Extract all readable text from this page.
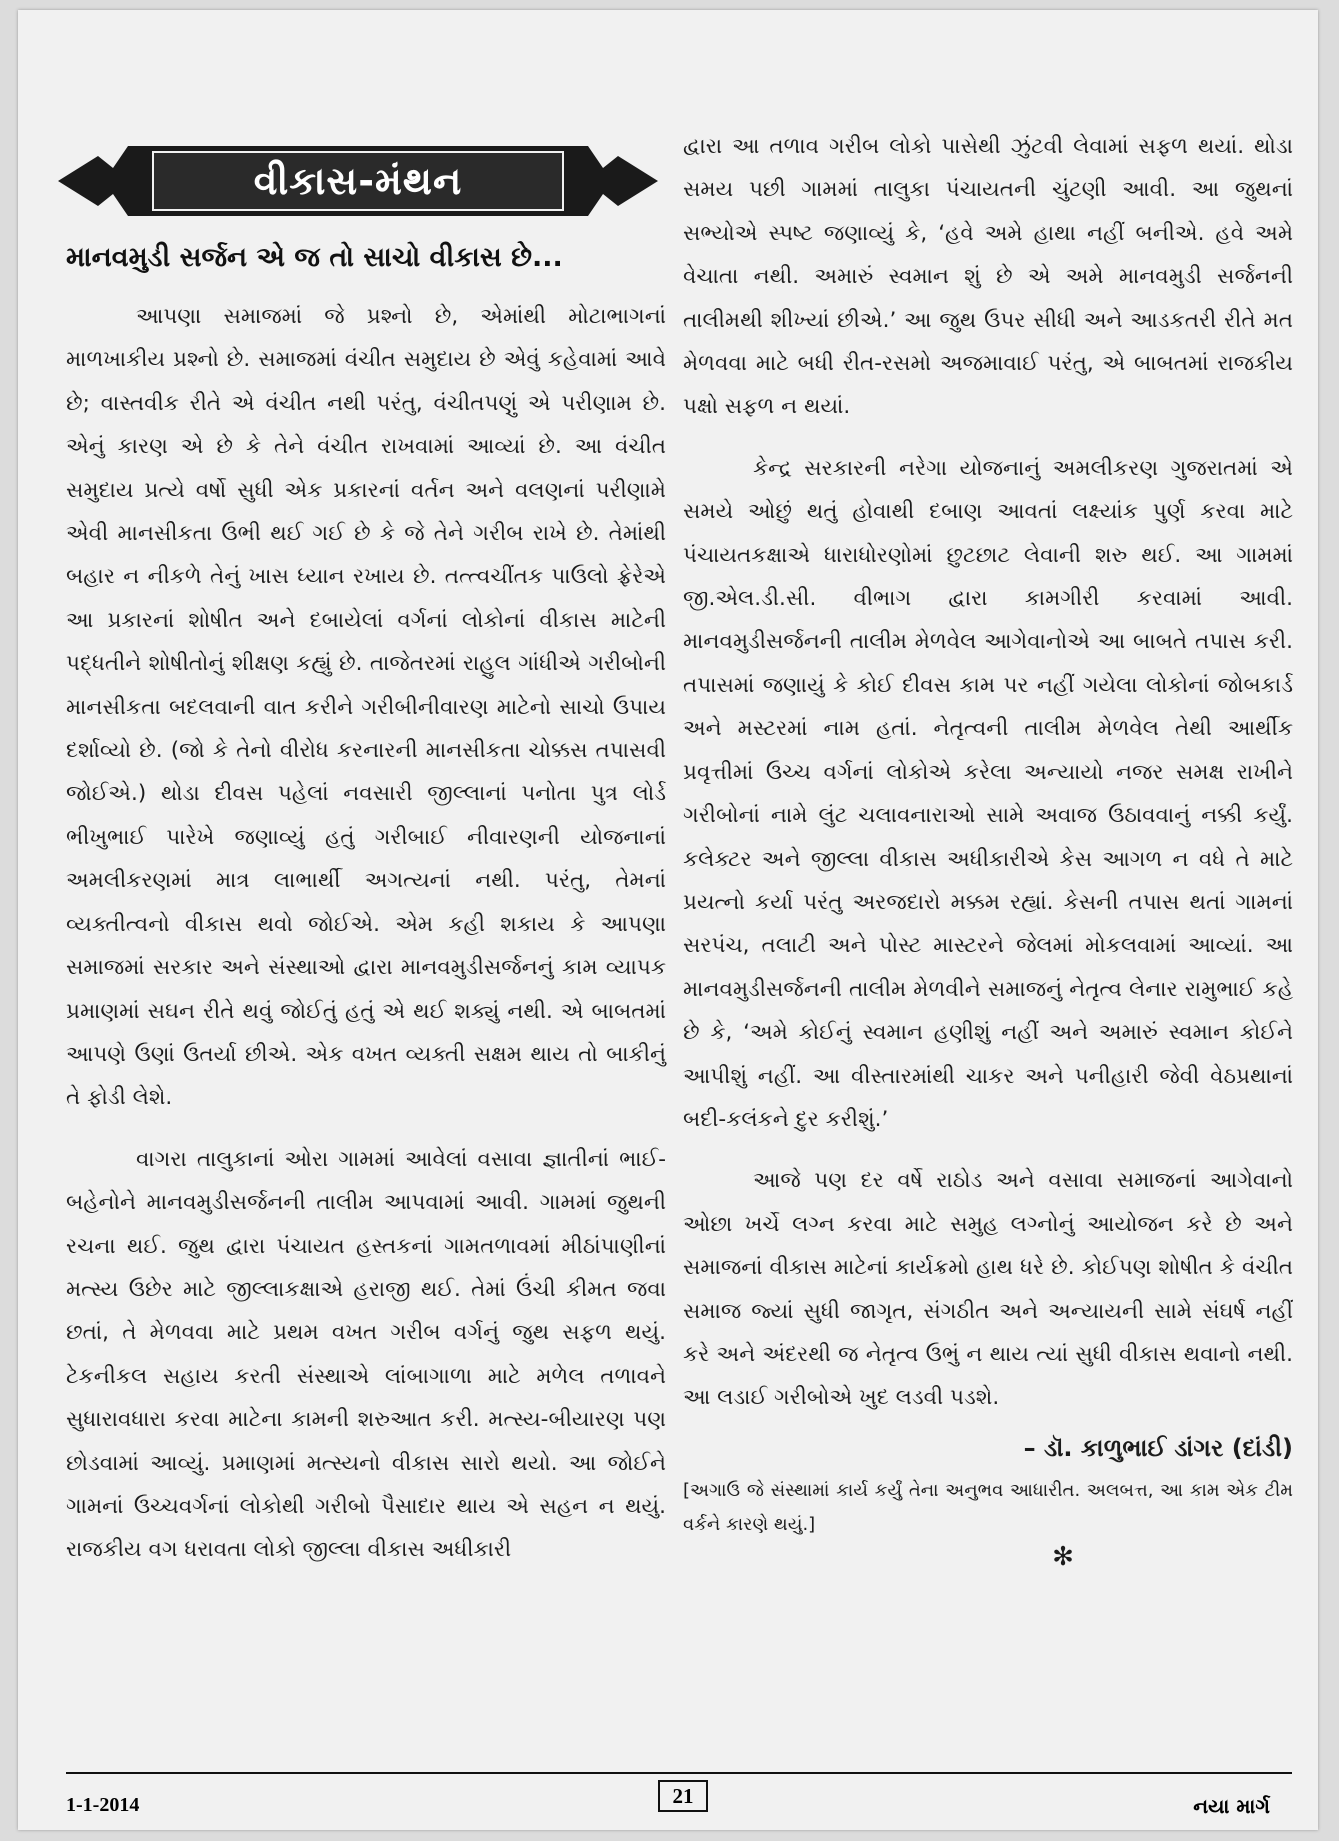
વીકાસ-મંથન
માનવમુડી સર્જન એ જ તો સાચો વીકાસ છે...

આપણા સમાજમાં જે પ્રશ્નો છે, એમાંથી મોટાભાગનાં માળખાકીય પ્રશ્નો છે. સમાજમાં વંચીત સમુદાય છે એવું કહેવામાં આવે છે; વાસ્તવીક રીતે એ વંચીત નથી પરંતુ, વંચીતપણું એ પરીણામ છે. એનું કારણ એ છે કે તેને વંચીત રાખવામાં આવ્યાં છે. આ વંચીત સમુદાય પ્રત્યે વર્ષો સુધી એક પ્રકારનાં વર્તન અને વલણનાં પરીણામે એવી માનસીકતા ઉભી થઈ ગઈ છે કે જે તેને ગરીબ રાખે છે. તેમાંથી બહાર ન નીકળે તેનું ખાસ ધ્યાન રખાય છે. તત્ત્વચીંતક પાઉલો ફ્રેરેએ આ પ્રકારનાં શોષીત અને દબાયેલાં વર્ગનાં લોકોનાં વીકાસ માટેની પદ્ધતીને શોષીતોનું શીક્ષણ કહ્યું છે. તાજેતરમાં રાહુલ ગાંધીએ ગરીબોની માનસીકતા બદલવાની વાત કરીને ગરીબીનીવારણ માટેનો સાચો ઉપાય દર્શાવ્યો છે. (જો કે તેનો વીરોધ કરનારની માનસીકતા ચોક્કસ તપાસવી જોઈએ.) થોડા દીવસ પહેલાં નવસારી જીલ્લાનાં પનોતા પુત્ર લોર્ડ ભીખુભાઈ પારેખે જણાવ્યું હતું ગરીબાઈ નીવારણની યોજનાનાં અમલીકરણમાં માત્ર લાભાર્થી અગત્યનાં નથી. પરંતુ, તેમનાં વ્યક્તીત્વનો વીકાસ થવો જોઈએ. એમ કહી શકાય કે આપણા સમાજમાં સરકાર અને સંસ્થાઓ દ્વારા માનવમુડીસર્જનનું કામ વ્યાપક પ્રમાણમાં સઘન રીતે થવું જોઈતું હતું એ થઈ શક્યું નથી. એ બાબતમાં આપણે ઉણાં ઉતર્યા છીએ. એક વખત વ્યક્તી સક્ષમ થાય તો બાકીનું તે ફોડી લેશે.

વાગરા તાલુકાનાં ઓરા ગામમાં આવેલાં વસાવા જ્ઞાતીનાં ભાઈ-બહેનોને માનવમુડીસર્જનની તાલીમ આપવામાં આવી. ગામમાં જુથની રચના થઈ. જુથ દ્વારા પંચાયત હસ્તકનાં ગામતળાવમાં મીઠાંપાણીનાં મત્સ્ય ઉછેર માટે જીલ્લાકક્ષાએ હરાજી થઈ. તેમાં ઉંચી કીમત જવા છતાં, તે મેળવવા માટે પ્રથમ વખત ગરીબ વર્ગનું જુથ સફળ થયું. ટેકનીકલ સહાય કરતી સંસ્થાએ લાંબાગાળા માટે મળેલ તળાવને સુધારાવધારા કરવા માટેના કામની શરુઆત કરી. મત્સ્ય-બીયારણ પણ છોડવામાં આવ્યું. પ્રમાણમાં મત્સ્યનો વીકાસ સારો થયો. આ જોઈને ગામનાં ઉચ્ચવર્ગનાં લોકોથી ગરીબો પૈસાદાર થાય એ સહન ન થયું. રાજકીય વગ ધરાવતા લોકો જીલ્લા વીકાસ અધીકારી

દ્વારા આ તળાવ ગરીબ લોકો પાસેથી ઝુંટવી લેવામાં સફળ થયાં. થોડા સમય પછી ગામમાં તાલુકા પંચાયતની ચુંટણી આવી. આ જુથનાં સભ્યોએ સ્પષ્ટ જણાવ્યું કે, ‘હવે અમે હાથા નહીં બનીએ. હવે અમે વેચાતા નથી. અમારું સ્વમાન શું છે એ અમે માનવમુડી સર્જનની તાલીમથી શીખ્યાં છીએ.’ આ જુથ ઉપર સીધી અને આડકતરી રીતે મત મેળવવા માટે બધી રીત-રસમો અજમાવાઈ પરંતુ, એ બાબતમાં રાજકીય પક્ષો સફળ ન થયાં.

કેન્દ્ર સરકારની નરેગા યોજનાનું અમલીકરણ ગુજરાતમાં એ સમયે ઓછું થતું હોવાથી દબાણ આવતાં લક્ષ્યાંક પુર્ણ કરવા માટે પંચાયતકક્ષાએ ધારાધોરણોમાં છુટછાટ લેવાની શરુ થઈ. આ ગામમાં જી.એલ.ડી.સી. વીભાગ દ્વારા કામગીરી કરવામાં આવી. માનવમુડીસર્જનની તાલીમ મેળવેલ આગેવાનોએ આ બાબતે તપાસ કરી. તપાસમાં જણાયું કે કોઈ દીવસ કામ પર નહીં ગયેલા લોકોનાં જોબકાર્ડ અને મસ્ટરમાં નામ હતાં. નેતૃત્વની તાલીમ મેળવેલ તેથી આર્થીક પ્રવૃત્તીમાં ઉચ્ચ વર્ગનાં લોકોએ કરેલા અન્યાયો નજર સમક્ષ રાખીને ગરીબોનાં નામે લુંટ ચલાવનારાઓ સામે અવાજ ઉઠાવવાનું નક્કી કર્યું. કલેક્ટર અને જીલ્લા વીકાસ અધીકારીએ કેસ આગળ ન વધે તે માટે પ્રયત્નો કર્યા પરંતુ અરજદારો મક્કમ રહ્યાં. કેસની તપાસ થતાં ગામનાં સરપંચ, તલાટી અને પોસ્ટ માસ્ટરને જેલમાં મોકલવામાં આવ્યાં. આ માનવમુડીસર્જનની તાલીમ મેળવીને સમાજનું નેતૃત્વ લેનાર રામુભાઈ કહે છે કે, ‘અમે કોઈનું સ્વમાન હણીશું નહીં અને અમારું સ્વમાન કોઈને આપીશું નહીં. આ વીસ્તારમાંથી ચાકર અને પનીહારી જેવી વેઠપ્રથાનાં બદી-કલંકને દુર કરીશું.’

આજે પણ દર વર્ષે રાઠોડ અને વસાવા સમાજનાં આગેવાનો ઓછા ખર્ચે લગ્ન કરવા માટે સમુહ લગ્નોનું આયોજન કરે છે અને સમાજનાં વીકાસ માટેનાં કાર્યક્રમો હાથ ધરે છે. કોઈપણ શોષીત કે વંચીત સમાજ જ્યાં સુધી જાગૃત, સંગઠીત અને અન્યાયની સામે સંઘર્ષ નહીં કરે અને અંદરથી જ નેતૃત્વ ઉભું ન થાય ત્યાં સુધી વીકાસ થવાનો નથી. આ લડાઈ ગરીબોએ ખુદ લડવી પડશે.

– ડૉ. કાળુભાઈ ડાંગર (દાંડી)
[અગાઉ જે સંસ્થામાં કાર્ય કર્યું તેના અનુભવ આધારીત. અલબત્ત, આ કામ એક ટીમ વર્કને કારણે થયું.]
✻
1-1-2014	21	નયા માર્ગ
